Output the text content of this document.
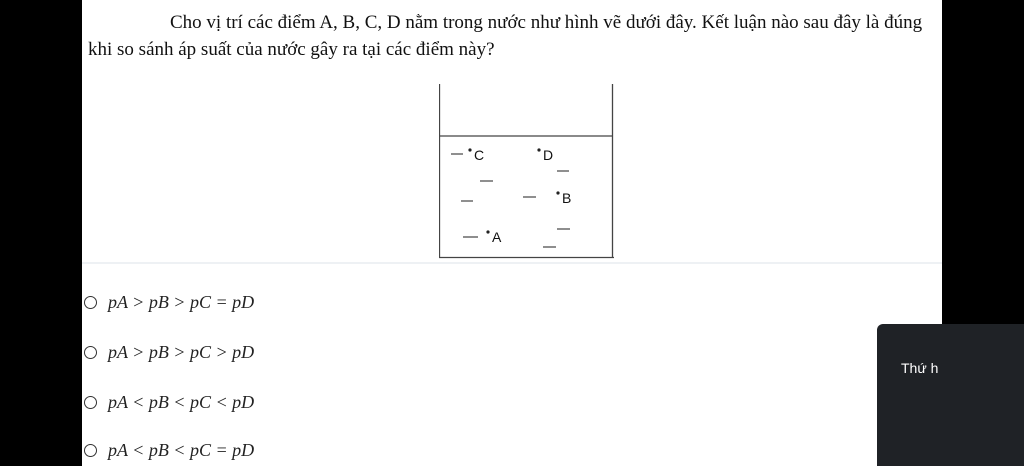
Cho vị trí các điểm A, B, C, D nằm trong nước như hình vẽ dưới đây. Kết luận nào sau đây là đúng khi so sánh áp suất của nước gây ra tại các điểm này?

C	D
B
A
pA > pB > pC = pD
pA > pB > pC > pD
pA < pB < pC < pD
pA < pB < pC = pD
Thứ h
